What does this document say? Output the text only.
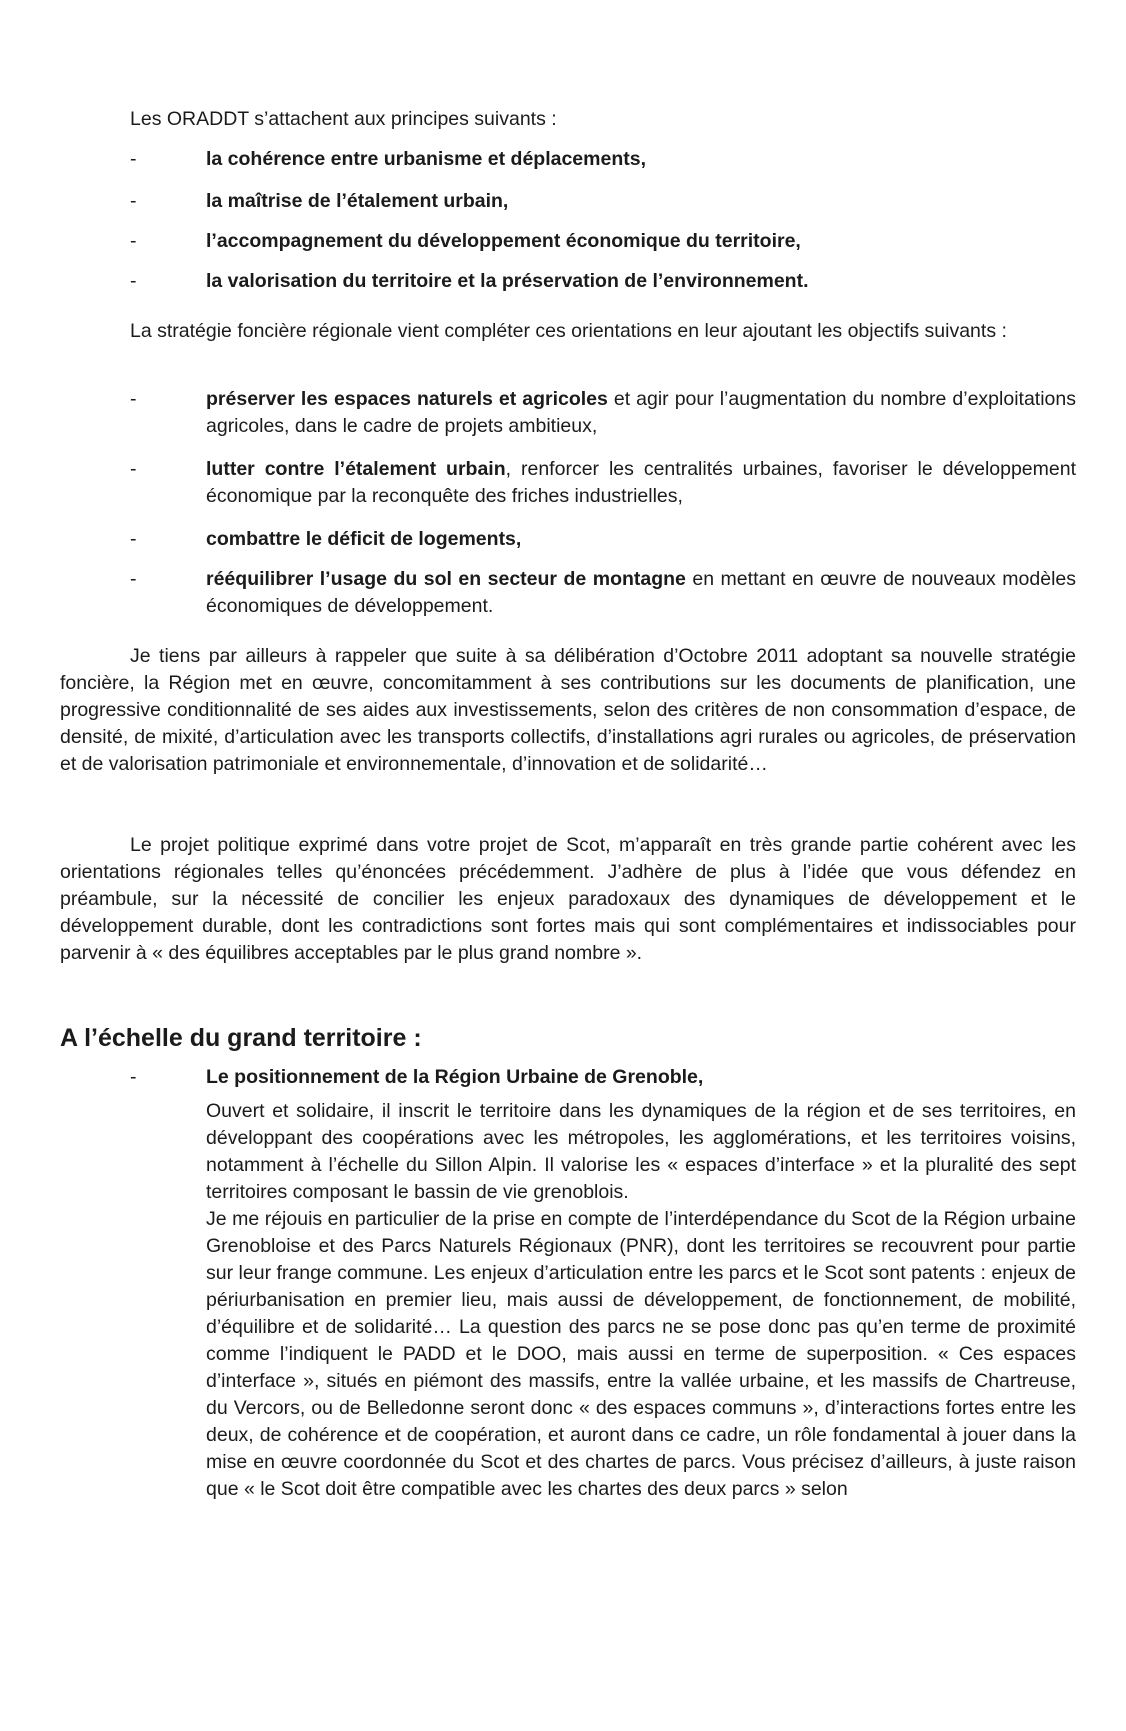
Les ORADDT s’attachent aux principes suivants :
-	la cohérence entre urbanisme et déplacements,
-	la maîtrise de l’étalement urbain,
-	l’accompagnement du développement économique du territoire,
-	la valorisation du territoire et la préservation de l’environnement.
La stratégie foncière régionale vient compléter ces orientations en leur ajoutant les objectifs suivants :
-	préserver les espaces naturels et agricoles et agir pour l’augmentation du nombre d’exploitations agricoles, dans le cadre de projets ambitieux,
-	lutter contre l’étalement urbain, renforcer les centralités urbaines, favoriser le développement économique par la reconquête des friches industrielles,
-	combattre le déficit de logements,
-	rééquilibrer l’usage du sol en secteur de montagne en mettant en œuvre de nouveaux modèles économiques de développement.
Je tiens par ailleurs à rappeler que suite à sa délibération d’Octobre 2011 adoptant sa nouvelle stratégie foncière, la Région met en œuvre, concomitamment à ses contributions sur les documents de planification, une progressive conditionnalité de ses aides aux investissements, selon des critères de non consommation d’espace, de densité, de mixité, d’articulation avec les transports collectifs, d’installations agri rurales ou agricoles, de préservation et de valorisation patrimoniale et environnementale, d’innovation et de solidarité…
Le projet politique exprimé dans votre projet de Scot, m’apparaît en très grande partie cohérent avec les orientations régionales telles qu’énoncées précédemment. J’adhère de plus à l’idée que vous défendez en préambule, sur la nécessité de concilier les enjeux paradoxaux des dynamiques de développement et le développement durable, dont les contradictions sont fortes mais qui sont complémentaires et indissociables pour parvenir à « des équilibres acceptables par le plus grand nombre ».
A l’échelle du grand territoire :
-	Le positionnement de la Région Urbaine de Grenoble,
Ouvert et solidaire, il inscrit le territoire dans les dynamiques de la région et de ses territoires, en développant des coopérations avec les métropoles, les agglomérations, et les territoires voisins, notamment à l’échelle du Sillon Alpin. Il valorise les « espaces d’interface » et la pluralité des sept territoires composant le bassin de vie grenoblois.
Je me réjouis en particulier de la prise en compte de l’interdépendance du Scot de la Région urbaine Grenobloise et des Parcs Naturels Régionaux (PNR), dont les territoires se recouvrent pour partie sur leur frange commune. Les enjeux d’articulation entre les parcs et le Scot sont patents : enjeux de périurbanisation en premier lieu, mais aussi de développement, de fonctionnement, de mobilité, d’équilibre et de solidarité… La question des parcs ne se pose donc pas qu’en terme de proximité comme l’indiquent le PADD et le DOO, mais aussi en terme de superposition. « Ces espaces d’interface », situés en piémont des massifs, entre la vallée urbaine, et les massifs de Chartreuse, du Vercors, ou de Belledonne seront donc « des espaces communs », d’interactions fortes entre les deux, de cohérence et de coopération, et auront dans ce cadre, un rôle fondamental à jouer dans la mise en œuvre coordonnée du Scot et des chartes de parcs. Vous précisez d’ailleurs, à juste raison que « le Scot doit être compatible avec les chartes des deux parcs » selon
